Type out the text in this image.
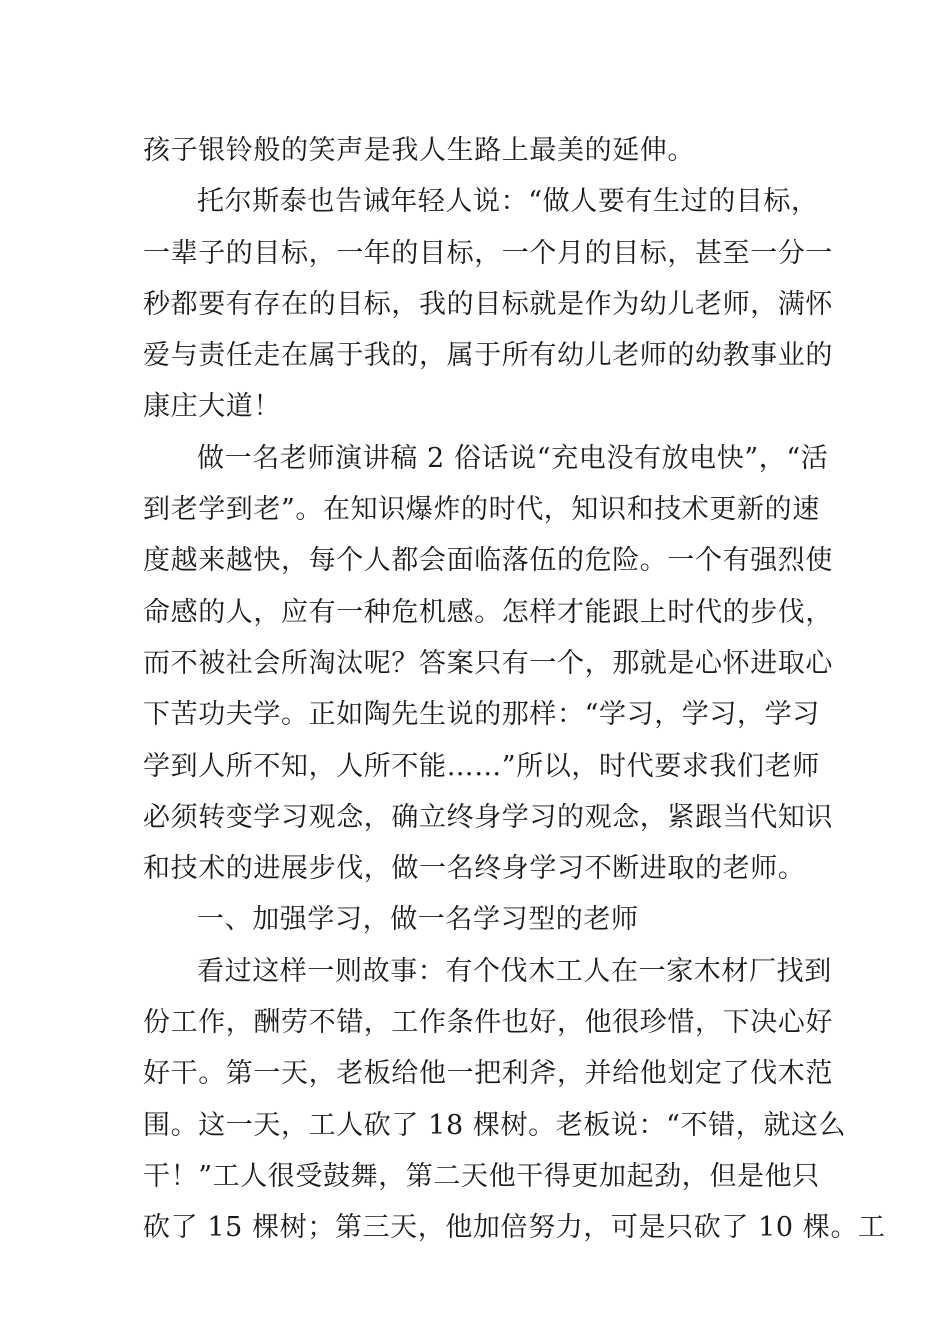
孩子银铃般的笑声是我人生路上最美的延伸。
托尔斯泰也告诫年轻人说：“做人要有生过的目标，
一辈子的目标，一年的目标，一个月的目标，甚至一分一
秒都要有存在的目标，我的目标就是作为幼儿老师，满怀
爱与责任走在属于我的，属于所有幼儿老师的幼教事业的
康庄大道！
做一名老师演讲稿 2 俗话说“充电没有放电快”，“活
到老学到老”。在知识爆炸的时代，知识和技术更新的速
度越来越快，每个人都会面临落伍的危险。一个有强烈使
命感的人，应有一种危机感。怎样才能跟上时代的步伐，
而不被社会所淘汰呢？答案只有一个，那就是心怀进取心
下苦功夫学。正如陶先生说的那样：“学习，学习，学习
学到人所不知，人所不能……”所以，时代要求我们老师
必须转变学习观念，确立终身学习的观念，紧跟当代知识
和技术的进展步伐，做一名终身学习不断进取的老师。
一、加强学习，做一名学习型的老师
看过这样一则故事：有个伐木工人在一家木材厂找到
份工作，酬劳不错，工作条件也好，他很珍惜，下决心好
好干。第一天，老板给他一把利斧，并给他划定了伐木范
围。这一天，工人砍了 18 棵树。老板说：“不错，就这么
干！”工人很受鼓舞，第二天他干得更加起劲，但是他只
砍了 15 棵树；第三天，他加倍努力，可是只砍了 10 棵。工
